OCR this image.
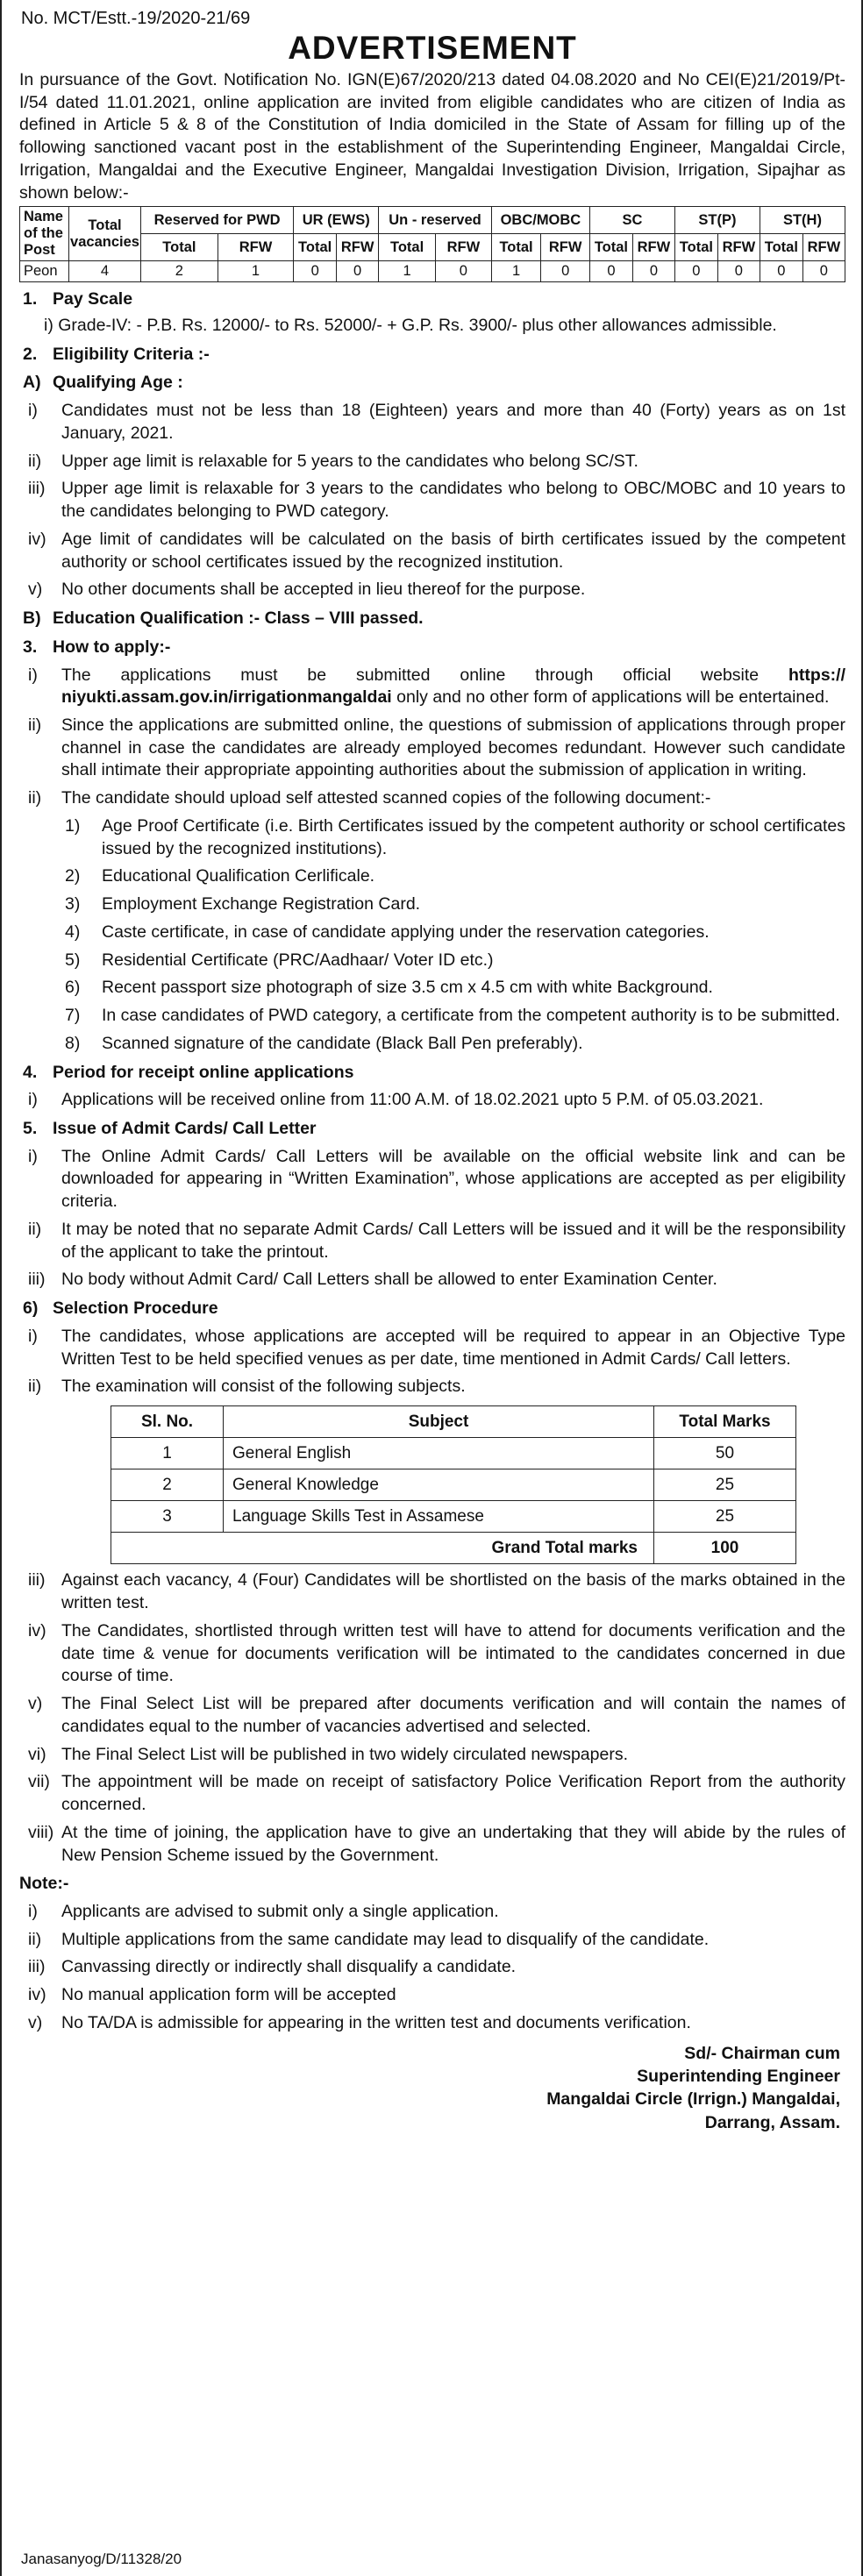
No. MCT/Estt.-19/2020-21/69
ADVERTISEMENT
In pursuance of the Govt. Notification No. IGN(E)67/2020/213 dated 04.08.2020 and No CEI(E)21/2019/Pt-I/54 dated 11.01.2021, online application are invited from eligible candidates who are citizen of India as defined in Article 5 & 8 of the Constitution of India domiciled in the State of Assam for filling up of the following sanctioned vacant post in the establishment of the Superintending Engineer, Mangaldai Circle, Irrigation, Mangaldai and the Executive Engineer, Mangaldai Investigation Division, Irrigation, Sipajhar as shown below:-
Name of the Post	Total vacancies	Reserved for PWD		UR (EWS)		Un - reserved		OBC/MOBC		SC		ST(P)		ST(H)	
		Total	RFW	Total	RFW	Total	RFW	Total	RFW	Total	RFW	Total	RFW	Total	RFW
Peon	4	2	1	0	0	1	0	1	0	0	0	0	0	0	0
1. Pay Scale
i) Grade-IV: - P.B. Rs. 12000/- to Rs. 52000/- + G.P. Rs. 3900/- plus other allowances admissible.
2. Eligibility Criteria :-
A) Qualifying Age :
i)	Candidates must not be less than 18 (Eighteen) years and more than 40 (Forty) years as on 1st January, 2021.
ii)	Upper age limit is relaxable for 5 years to the candidates who belong SC/ST.
iii) Upper age limit is relaxable for 3 years to the candidates who belong to OBC/MOBC and 10 years to the candidates belonging to PWD category.
iv) Age limit of candidates will be calculated on the basis of birth certificates issued by the competent authority or school certificates issued by the recognized institution.
v)	No other documents shall be accepted in lieu thereof for the purpose.
B) Education Qualification :- Class – VIII passed.
3. How to apply:-
i)	The applications must be submitted online through official website https:// niyukti.assam.gov.in/irrigationmangaldai only and no other form of applications will be entertained.
ii)	Since the applications are submitted online, the questions of submission of applications through proper channel in case the candidates are already employed becomes redundant. However such candidate shall intimate their appropriate appointing authorities about the submission of application in writing.
ii)	The candidate should upload self attested scanned copies of the following document:-
1)	Age Proof Certificate (i.e. Birth Certificates issued by the competent authority or school certificates issued by the recognized institutions).
2)	Educational Qualification Cerlificale.
3)	Employment Exchange Registration Card.
4)	Caste certificate, in case of candidate applying under the reservation categories.
5)	Residential Certificate (PRC/Aadhaar/ Voter ID etc.)
6)	Recent passport size photograph of size 3.5 cm x 4.5 cm with white Background.
7)	In case candidates of PWD category, a certificate from the competent authority is to be submitted.
8)	Scanned signature of the candidate (Black Ball Pen preferably).
4. Period for receipt online applications
i)	Applications will be received online from 11:00 A.M. of 18.02.2021 upto 5 P.M. of 05.03.2021.
5. Issue of Admit Cards/ Call Letter
i)	The Online Admit Cards/ Call Letters will be available on the official website link and can be downloaded for appearing in “Written Examination”, whose applications are accepted as per eligibility criteria.
ii)	It may be noted that no separate Admit Cards/ Call Letters will be issued and it will be the responsibility of the applicant to take the printout.
iii) No body without Admit Card/ Call Letters shall be allowed to enter Examination Center.
6) Selection Procedure
i)	The candidates, whose applications are accepted will be required to appear in an Objective Type Written Test to be held specified venues as per date, time mentioned in Admit Cards/ Call letters.
ii)	The examination will consist of the following subjects.
Sl. No.	Subject	Total Marks
1	General English	50
2	General Knowledge	25
3	Language Skills Test in Assamese	25
Grand Total marks		100
iii) Against each vacancy, 4 (Four) Candidates will be shortlisted on the basis of the marks obtained in the written test.
iv) The Candidates, shortlisted through written test will have to attend for documents verification and the date time & venue for documents verification will be intimated to the candidates concerned in due course of time.
v)	The Final Select List will be prepared after documents verification and will contain the names of candidates equal to the number of vacancies advertised and selected.
vi) The Final Select List will be published in two widely circulated newspapers.
vii) The appointment will be made on receipt of satisfactory Police Verification Report from the authority concerned.
viii) At the time of joining, the application have to give an undertaking that they will abide by the rules of New Pension Scheme issued by the Government.
Note:-
i)	Applicants are advised to submit only a single application.
ii)	Multiple applications from the same candidate may lead to disqualify of the candidate.
iii) Canvassing directly or indirectly shall disqualify a candidate.
iv) No manual application form will be accepted
v)	No TA/DA is admissible for appearing in the written test and documents verification.
Sd/- Chairman cum
Superintending Engineer
Mangaldai Circle (Irrign.) Mangaldai,
Darrang, Assam.
Janasanyog/D/11328/20
